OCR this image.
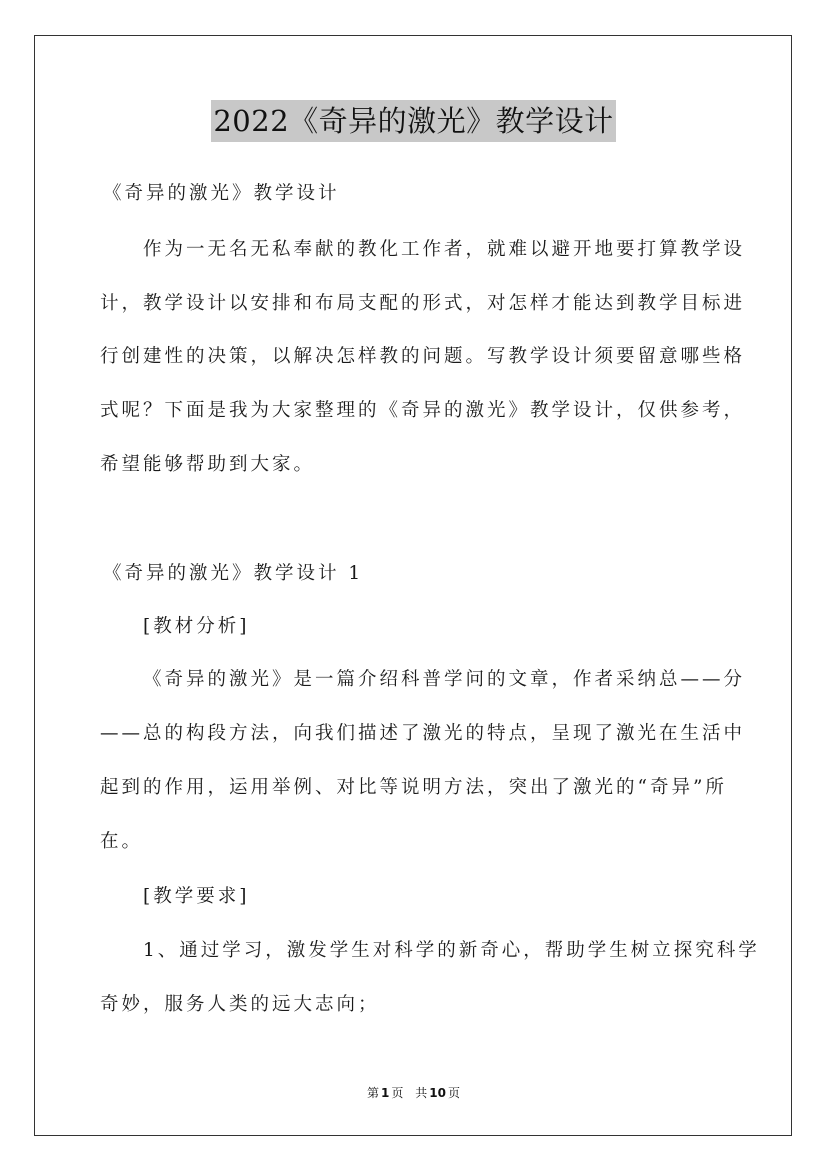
2022《奇异的激光》教学设计
《奇异的激光》教学设计
作为一无名无私奉献的教化工作者，就难以避开地要打算教学设
计，教学设计以安排和布局支配的形式，对怎样才能达到教学目标进
行创建性的决策，以解决怎样教的问题。写教学设计须要留意哪些格
式呢？下面是我为大家整理的《奇异的激光》教学设计，仅供参考，
希望能够帮助到大家。
《奇异的激光》教学设计 1
[教材分析]
《奇异的激光》是一篇介绍科普学问的文章，作者采纳总——分
——总的构段方法，向我们描述了激光的特点，呈现了激光在生活中
起到的作用，运用举例、对比等说明方法，突出了激光的“奇异”所
在。
[教学要求]
1、通过学习，激发学生对科学的新奇心，帮助学生树立探究科学
奇妙，服务人类的远大志向；
第 1 页 共 10 页
